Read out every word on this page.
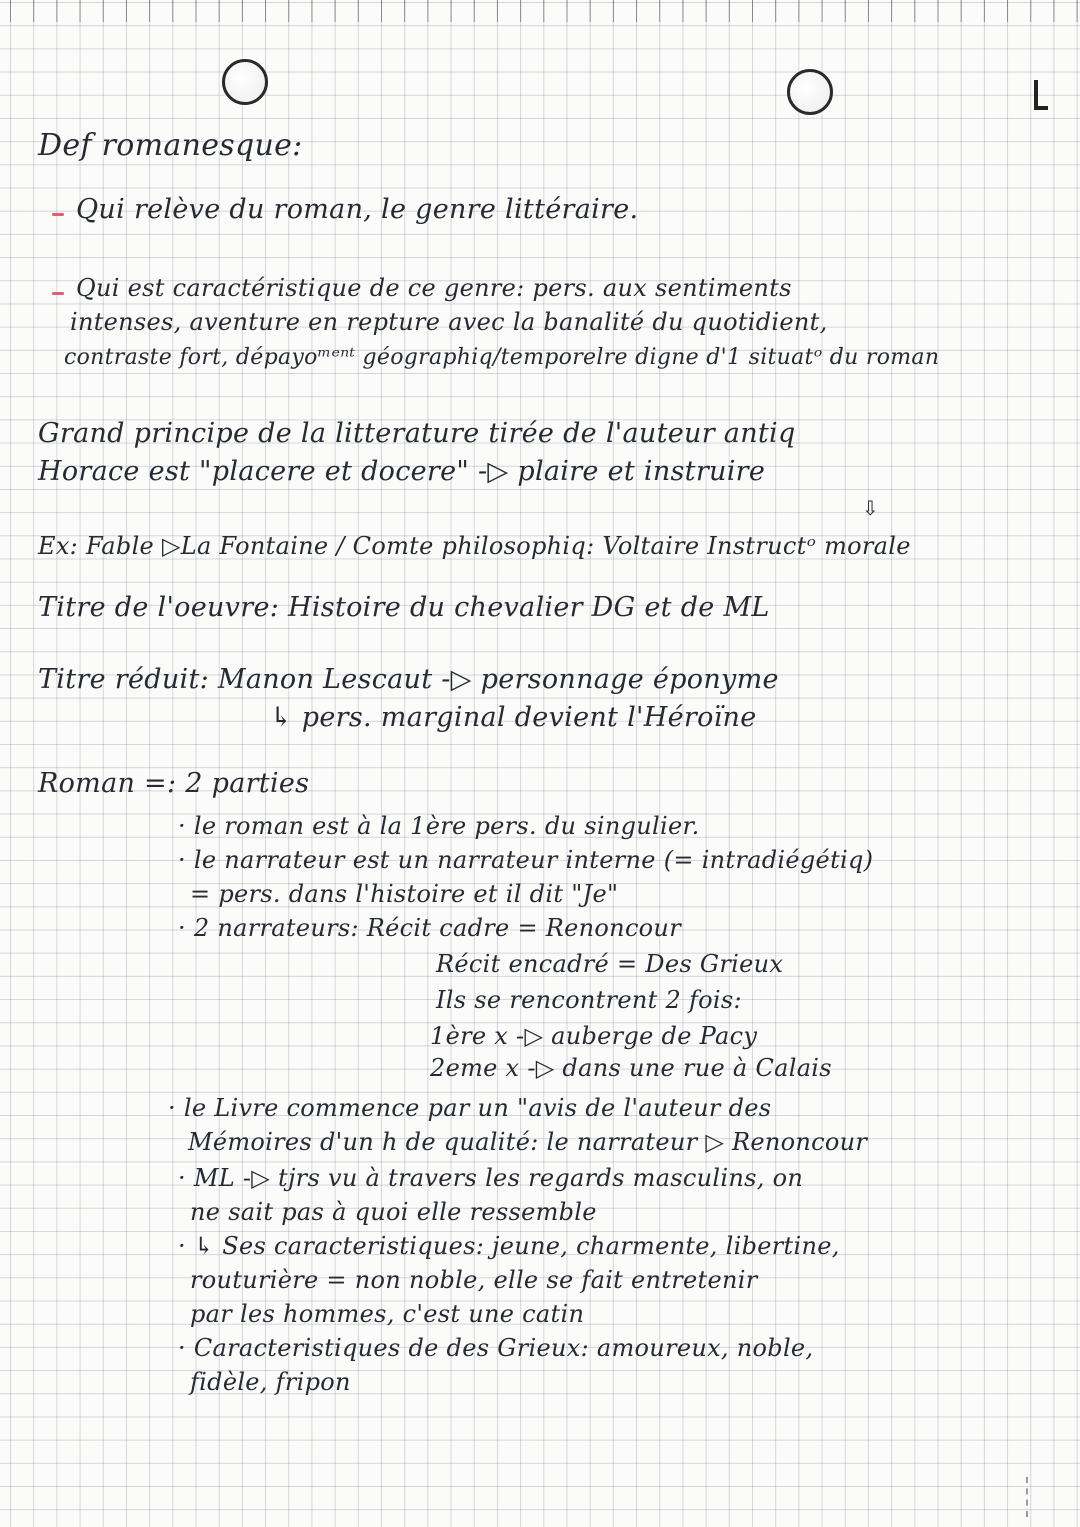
Def romanesque:

Qui relève du roman, le genre littéraire.

Qui est caractéristique de ce genre: pers. aux sentiments

intenses, aventure en repture avec la banalité du quotidient,

contraste fort, dépayoᵐᵉⁿᵗ géographiq/temporelre digne d'1 situatᵒ du roman

Grand principe de la litterature tirée de l'auteur antiq

Horace est "placere et docere" -▷ plaire et instruire

⇩

Ex: Fable ▷La Fontaine / Comte philosophiq: Voltaire Instructᵒ morale

Titre de l'oeuvre: Histoire du chevalier DG et de ML

Titre réduit: Manon Lescaut -▷ personnage éponyme

↳ pers. marginal devient l'Héroïne

Roman =: 2 parties

· le roman est à la 1ère pers. du singulier.

· le narrateur est un narrateur interne (= intradiégétiq)

= pers. dans l'histoire et il dit "Je"

· 2 narrateurs: Récit cadre = Renoncour

Récit encadré = Des Grieux

Ils se rencontrent 2 fois:

1ère x -▷ auberge de Pacy

2eme x -▷ dans une rue à Calais

· le Livre commence par un "avis de l'auteur des

Mémoires d'un h de qualité: le narrateur ▷ Renoncour

· ML -▷ tjrs vu à travers les regards masculins, on

ne sait pas à quoi elle ressemble

· ↳ Ses caracteristiques: jeune, charmente, libertine,

routurière = non noble, elle se fait entretenir

par les hommes, c'est une catin

· Caracteristiques de des Grieux: amoureux, noble,

fidèle, fripon
